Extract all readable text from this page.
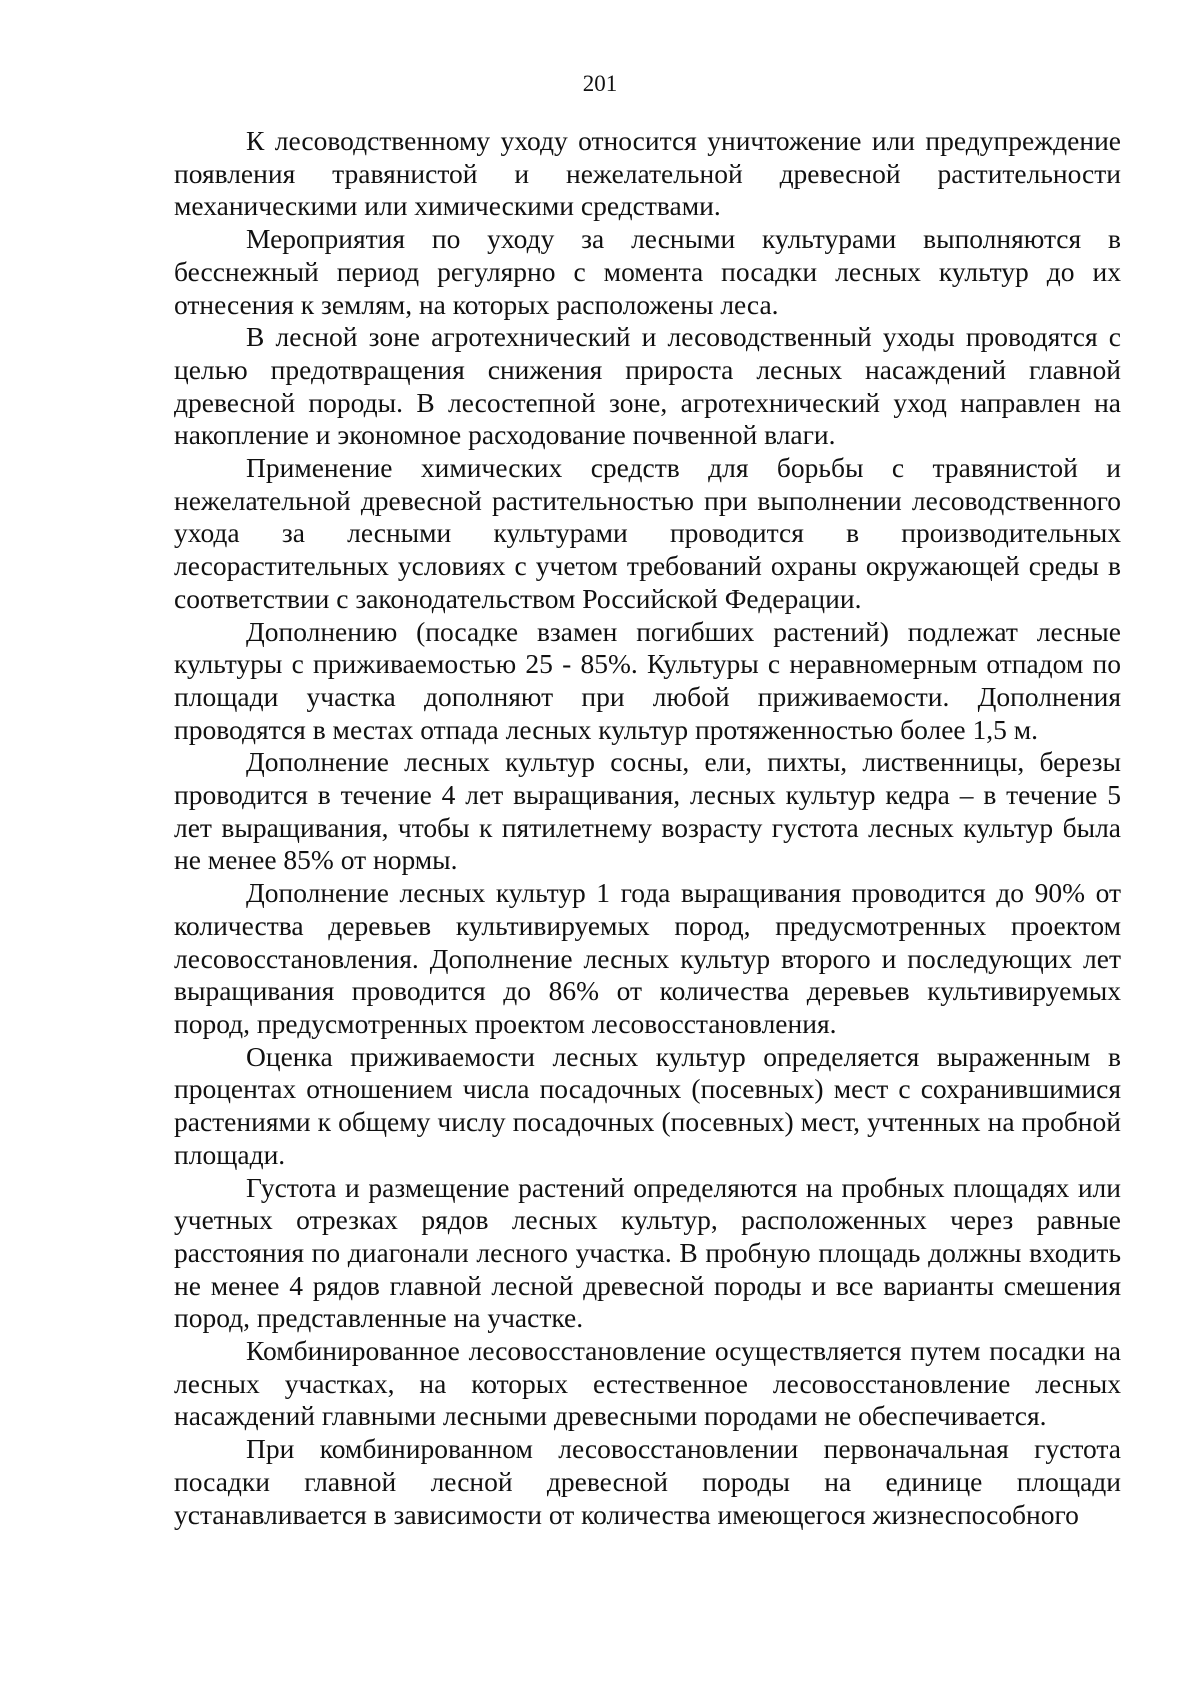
201

К лесоводственному уходу относится уничтожение или предупреждение появления травянистой и нежелательной древесной растительности механическими или химическими средствами.

Мероприятия по уходу за лесными культурами выполняются в бесснежный период регулярно с момента посадки лесных культур до их отнесения к землям, на которых расположены леса.

В лесной зоне агротехнический и лесоводственный уходы проводятся с целью предотвращения снижения прироста лесных насаждений главной древесной породы. В лесостепной зоне, агротехнический уход направлен на накопление и экономное расходование почвенной влаги.

Применение химических средств для борьбы с травянистой и нежелательной древесной растительностью при выполнении лесоводственного ухода за лесными культурами проводится в производительных лесорастительных условиях с учетом требований охраны окружающей среды в соответствии с законодательством Российской Федерации.

Дополнению (посадке взамен погибших растений) подлежат лесные культуры с приживаемостью 25 - 85%. Культуры с неравномерным отпадом по площади участка дополняют при любой приживаемости. Дополнения проводятся в местах отпада лесных культур протяженностью более 1,5 м.

Дополнение лесных культур сосны, ели, пихты, лиственницы, березы проводится в течение 4 лет выращивания, лесных культур кедра – в течение 5 лет выращивания, чтобы к пятилетнему возрасту густота лесных культур была не менее 85% от нормы.

Дополнение лесных культур 1 года выращивания проводится до 90% от количества деревьев культивируемых пород, предусмотренных проектом лесовосстановления. Дополнение лесных культур второго и последующих лет выращивания проводится до 86% от количества деревьев культивируемых пород, предусмотренных проектом лесовосстановления.

Оценка приживаемости лесных культур определяется выраженным в процентах отношением числа посадочных (посевных) мест с сохранившимися растениями к общему числу посадочных (посевных) мест, учтенных на пробной площади.

Густота и размещение растений определяются на пробных площадях или учетных отрезках рядов лесных культур, расположенных через равные расстояния по диагонали лесного участка. В пробную площадь должны входить не менее 4 рядов главной лесной древесной породы и все варианты смешения пород, представленные на участке.

Комбинированное лесовосстановление осуществляется путем посадки на лесных участках, на которых естественное лесовосстановление лесных насаждений главными лесными древесными породами не обеспечивается.

При комбинированном лесовосстановлении первоначальная густота посадки главной лесной древесной породы на единице площади устанавливается в зависимости от количества имеющегося жизнеспособного
